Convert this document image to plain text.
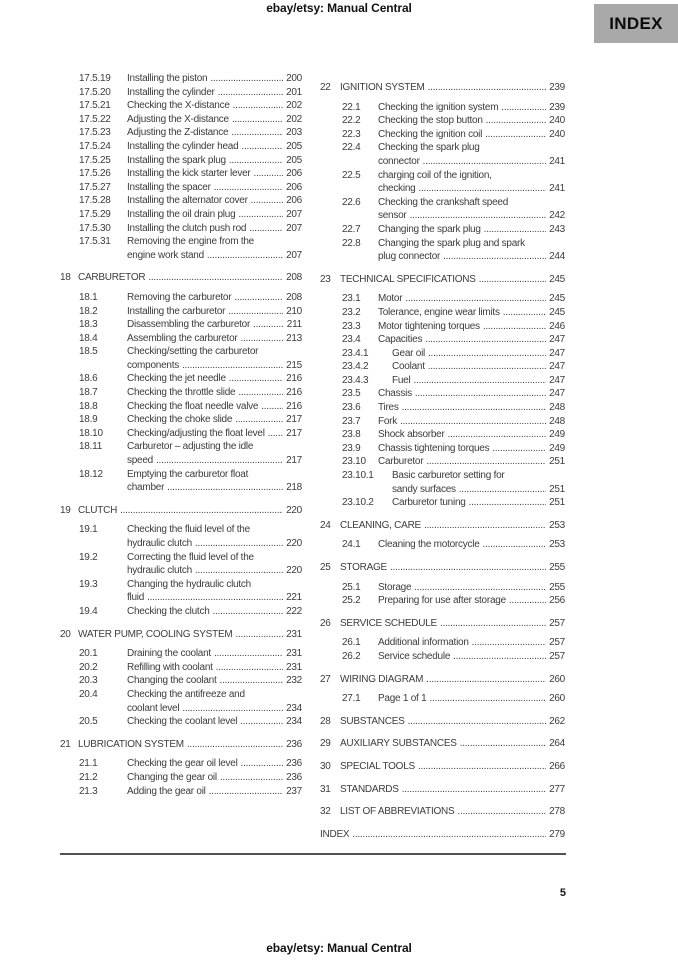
ebay/etsy: Manual Central
INDEX
17.5.19	Installing the piston .....	200
17.5.20	Installing the cylinder .....	201
17.5.21	Checking the X-distance .....	202
17.5.22	Adjusting the X-distance .....	202
17.5.23	Adjusting the Z-distance .....	203
17.5.24	Installing the cylinder head .....	205
17.5.25	Installing the spark plug .....	205
17.5.26	Installing the kick starter lever .....	206
17.5.27	Installing the spacer .....	206
17.5.28	Installing the alternator cover .....	206
17.5.29	Installing the oil drain plug .....	207
17.5.30	Installing the clutch push rod .....	207
17.5.31	Removing the engine from the
engine work stand .....	207
18 CARBURETOR .....	208
18.1	Removing the carburetor .....	208
18.2	Installing the carburetor .....	210
18.3	Disassembling the carburetor .....	211
18.4	Assembling the carburetor .....	213
18.5	Checking/setting the carburetor
components .....	215
18.6	Checking the jet needle .....	216
18.7	Checking the throttle slide .....	216
18.8	Checking the float needle valve .....	216
18.9	Checking the choke slide .....	217
18.10	Checking/adjusting the float level ..... 217
18.11	Carburetor – adjusting the idle
speed .....	217
18.12	Emptying the carburetor float
chamber .....	218
19 CLUTCH .....	220
19.1	Checking the fluid level of the
hydraulic clutch .....	220
19.2	Correcting the fluid level of the
hydraulic clutch .....	220
19.3	Changing the hydraulic clutch
fluid .....	221
19.4	Checking the clutch .....	222
20 WATER PUMP, COOLING SYSTEM .....	231
20.1	Draining the coolant .....	231
20.2	Refilling with coolant .....	231
20.3	Changing the coolant .....	232
20.4	Checking the antifreeze and
coolant level .....	234
20.5	Checking the coolant level .....	234
21 LUBRICATION SYSTEM .....	236
21.1	Checking the gear oil level .....	236
21.2	Changing the gear oil .....	236
21.3	Adding the gear oil .....	237
22 IGNITION SYSTEM .....	239
22.1	Checking the ignition system .....	239
22.2	Checking the stop button .....	240
22.3	Checking the ignition coil .....	240
22.4	Checking the spark plug
connector .....	241
22.5	charging coil of the ignition,
checking .....	241
22.6	Checking the crankshaft speed
sensor .....	242
22.7	Changing the spark plug .....	243
22.8	Changing the spark plug and spark
plug connector .....	244
23 TECHNICAL SPECIFICATIONS .....	245
23.1	Motor .....	245
23.2	Tolerance, engine wear limits .....	245
23.3	Motor tightening torques .....	246
23.4	Capacities .....	247
23.4.1	Gear oil .....	247
23.4.2	Coolant .....	247
23.4.3	Fuel .....	247
23.5	Chassis .....	247
23.6	Tires .....	248
23.7	Fork .....	248
23.8	Shock absorber .....	249
23.9	Chassis tightening torques .....	249
23.10	Carburetor .....	251
23.10.1	Basic carburetor setting for
sandy surfaces .....	251
23.10.2	Carburetor tuning .....	251
24 CLEANING, CARE .....	253
24.1	Cleaning the motorcycle .....	253
25 STORAGE .....	255
25.1	Storage .....	255
25.2	Preparing for use after storage .....	256
26 SERVICE SCHEDULE .....	257
26.1	Additional information .....	257
26.2	Service schedule .....	257
27 WIRING DIAGRAM .....	260
27.1	Page 1 of 1 .....	260
28 SUBSTANCES .....	262
29 AUXILIARY SUBSTANCES .....	264
30 SPECIAL TOOLS .....	266
31 STANDARDS .....	277
32 LIST OF ABBREVIATIONS .....	278
INDEX .....	279
5
ebay/etsy: Manual Central
